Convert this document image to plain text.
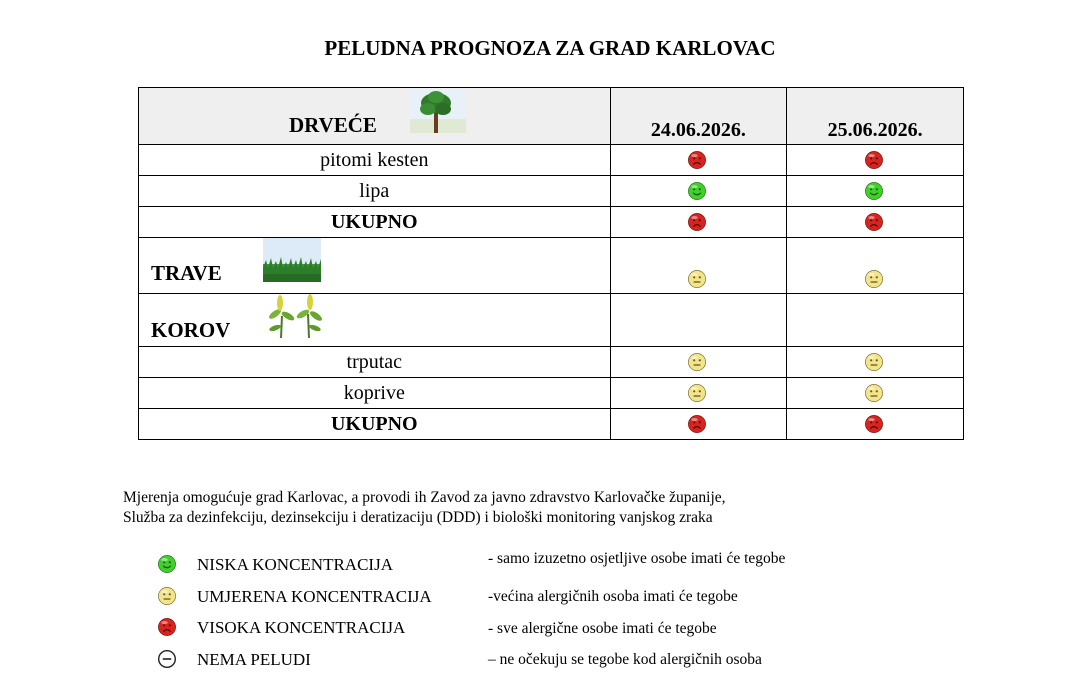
PELUDNA PROGNOZA ZA GRAD KARLOVAC
DRVEĆE	24.06.2026.	25.06.2026.
pitomi kesten	

lipa	

UKUPNO	

TRAVE

KOROV		

trputac	

koprive	

UKUPNO	

Mjerenja omogućuje grad Karlovac, a provodi ih Zavod za javno zdravstvo Karlovačke županije,
Služba za dezinfekciju, dezinsekciju i deratizaciju (DDD) i biološki monitoring vanjskog zraka
NISKA KONCENTRACIJA	- samo izuzetno osjetljive osobe imati će tegobe
UMJERENA KONCENTRACIJA	-većina alergičnih osoba imati će tegobe
VISOKA KONCENTRACIJA	- sve alergične osobe imati će tegobe
NEMA PELUDI	– ne očekuju se tegobe kod alergičnih osoba
